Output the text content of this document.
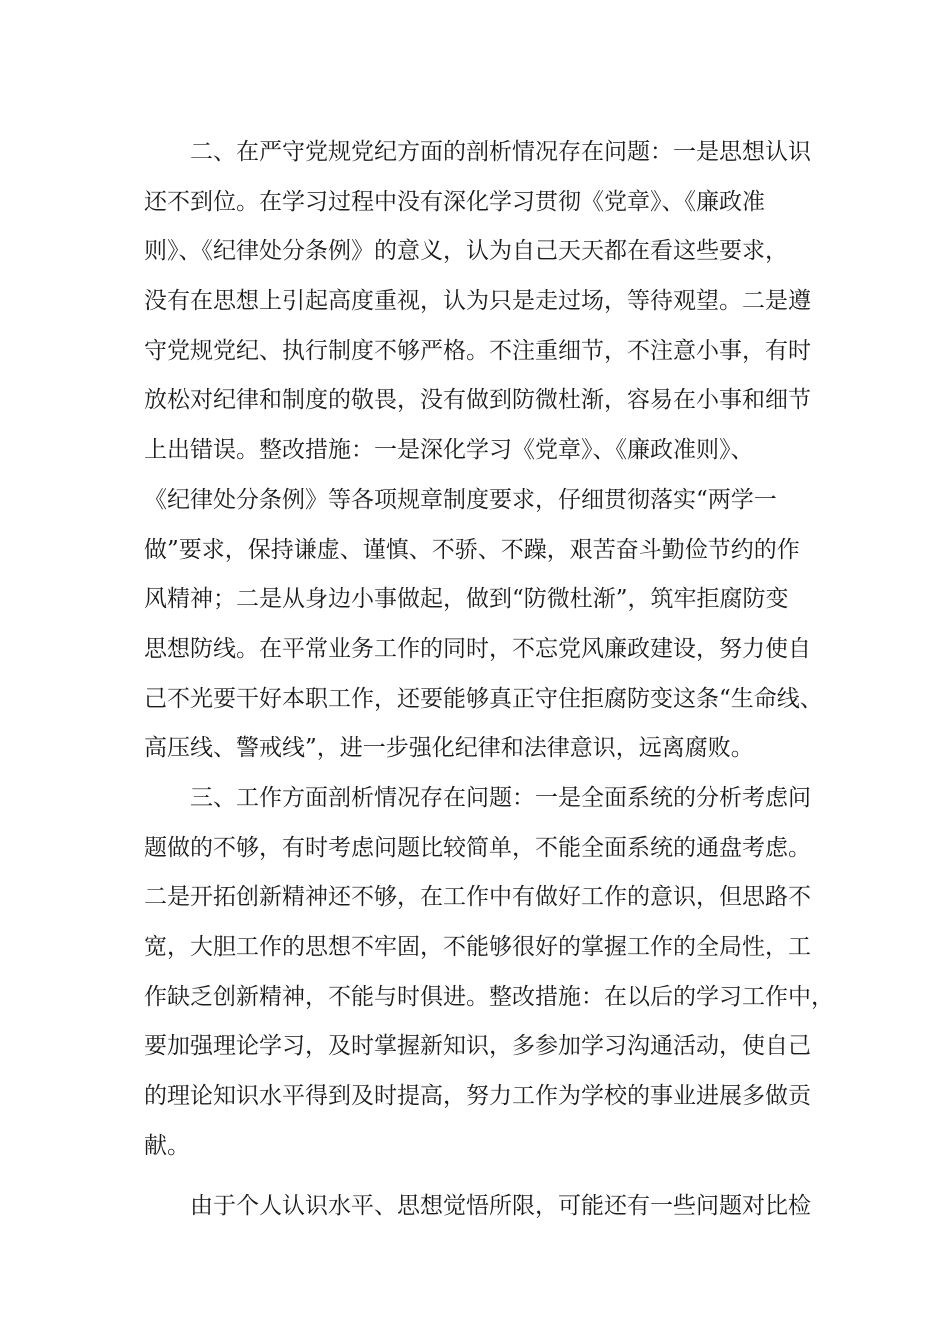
二、在严守党规党纪方面的剖析情况存在问题：一是思想认识

还不到位。在学习过程中没有深化学习贯彻《党章》、《廉政准

则》、《纪律处分条例》的意义，认为自己天天都在看这些要求，

没有在思想上引起高度重视，认为只是走过场，等待观望。二是遵

守党规党纪、执行制度不够严格。不注重细节，不注意小事，有时

放松对纪律和制度的敬畏，没有做到防微杜渐，容易在小事和细节

上出错误。整改措施：一是深化学习《党章》、《廉政准则》、

《纪律处分条例》等各项规章制度要求，仔细贯彻落实“两学一

做”要求，保持谦虚、谨慎、不骄、不躁，艰苦奋斗勤俭节约的作

风精神；二是从身边小事做起，做到“防微杜渐”，筑牢拒腐防变

思想防线。在平常业务工作的同时，不忘党风廉政建设，努力使自

己不光要干好本职工作，还要能够真正守住拒腐防变这条“生命线、

高压线、警戒线”，进一步强化纪律和法律意识，远离腐败。

三、工作方面剖析情况存在问题：一是全面系统的分析考虑问

题做的不够，有时考虑问题比较简单，不能全面系统的通盘考虑。

二是开拓创新精神还不够，在工作中有做好工作的意识，但思路不

宽，大胆工作的思想不牢固，不能够很好的掌握工作的全局性，工

作缺乏创新精神，不能与时俱进。整改措施：在以后的学习工作中，

要加强理论学习，及时掌握新知识，多参加学习沟通活动，使自己

的理论知识水平得到及时提高，努力工作为学校的事业进展多做贡

献。

由于个人认识水平、思想觉悟所限，可能还有一些问题对比检
